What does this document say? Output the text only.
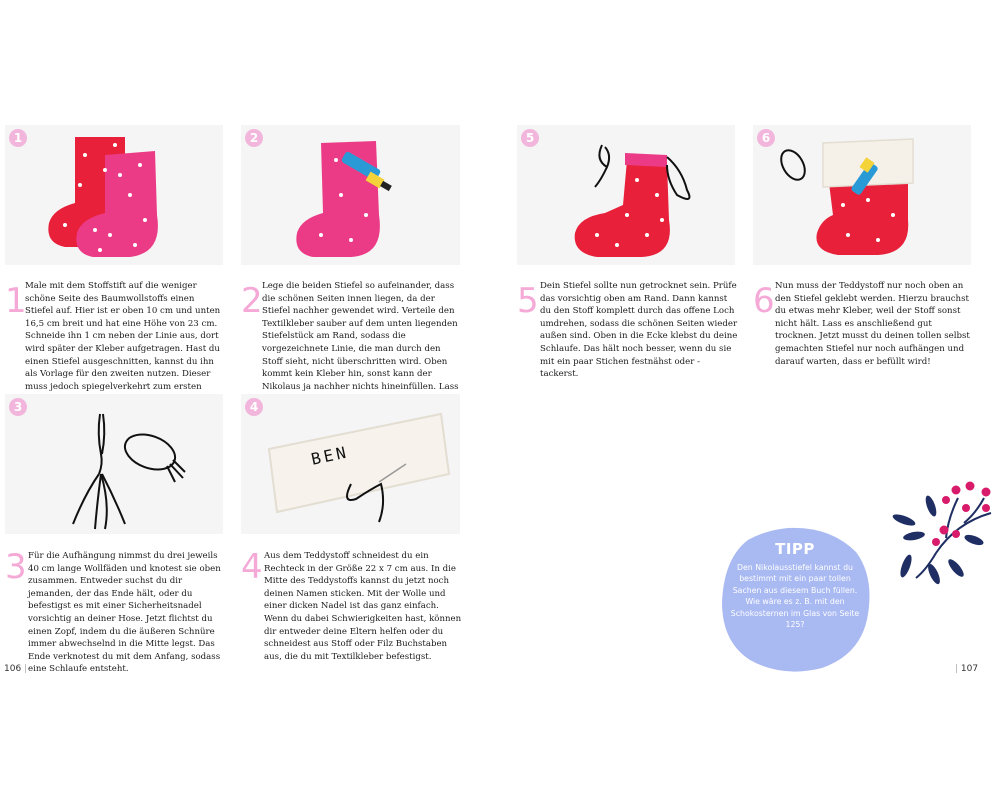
1	2
1
Male mit dem Stoffstift auf die weniger schöne Seite des Baumwollstoffs einen Stiefel auf. Hier ist er oben 10 cm und unten 16,5 cm breit und hat eine Höhe von 23 cm. Schneide ihn 1 cm neben der Linie aus, dort wird später der Kleber aufgetragen. Hast du einen Stiefel ausgeschnitten, kannst du ihn als Vorlage für den zweiten nutzen. Dieser muss jedoch spiegelverkehrt zum ersten
2 Lege die beiden Stiefel so aufeinander, dass die schönen Seiten innen liegen, da der Stiefel nachher gewendet wird. Verteile den Textilkleber sauber auf dem unten liegenden Stiefelstück am Rand, sodass die vorgezeichnete Linie, die man durch den Stoff sieht, nicht überschritten wird. Oben kommt kein Kleber hin, sonst kann der Nikolaus ja nachher nichts hineinfüllen. Lass
3
BEN
4
3 Für die Aufhängung nimmst du drei jeweils 40 cm lange Wollfäden und knotest sie oben zusammen. Entweder suchst du dir jemanden, der das Ende hält, oder du befestigst es mit einer Sicherheitsnadel vorsichtig an deiner Hose. Jetzt flichtst du einen Zopf, indem du die äußeren Schnüre immer abwechselnd in die Mitte legst. Das Ende verknotest du mit dem Anfang, sodass eine Schlaufe entsteht.
4 Aus dem Teddystoff schneidest du ein Rechteck in der Größe 22 x 7 cm aus. In die Mitte des Teddystoffs kannst du jetzt noch deinen Namen sticken. Mit der Wolle und einer dicken Nadel ist das ganz einfach. Wenn du dabei Schwierigkeiten hast, können dir entweder deine Eltern helfen oder du schneidest aus Stoff oder Filz Buchstaben aus, die du mit Textilkleber befestigst.
106 |
5	6
5 Dein Stiefel sollte nun getrocknet sein. Prüfe das vorsichtig oben am Rand. Dann kannst du den Stoff komplett durch das offene Loch umdrehen, sodass die schönen Seiten wieder außen sind. Oben in die Ecke klebst du deine Schlaufe. Das hält noch besser, wenn du sie mit ein paar Stichen festnähst oder -tackerst.
6 Nun muss der Teddystoff nur noch oben an den Stiefel geklebt werden. Hierzu brauchst du etwas mehr Kleber, weil der Stoff sonst nicht hält. Lass es anschließend gut trocknen. Jetzt musst du deinen tollen selbst gemachten Stiefel nur noch aufhängen und darauf warten, dass er befüllt wird!
TIPP
Den Nikolausstiefel kannst du bestimmt mit ein paar tollen Sachen aus diesem Buch füllen. Wie wäre es z. B. mit den Schokosternen im Glas von Seite 125?
| 107
